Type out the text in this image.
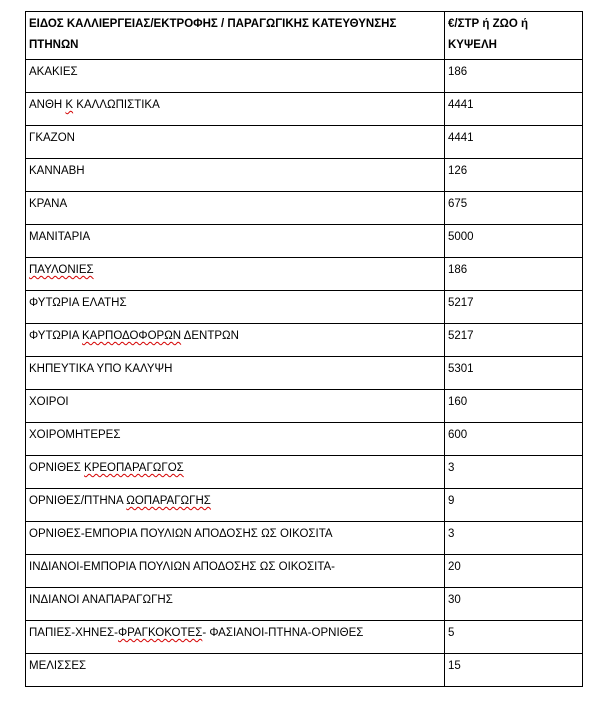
ΕΙΔΟΣ ΚΑΛΛΙΕΡΓΕΙΑΣ/ΕΚΤΡΟΦΗΣ / ΠΑΡΑΓΩΓΙΚΗΣ ΚΑΤΕΥΘΥΝΣΗΣ ΠΤΗΝΩΝ	€/ΣΤΡ ή ΖΩΟ ή ΚΥΨΕΛΗ
ΑΚΑΚΙΕΣ	186
ΑΝΘΗ Κ ΚΑΛΛΩΠΙΣΤΙΚΑ	4441
ΓΚΑΖΟΝ	4441
ΚΑΝΝΑΒΗ	126
ΚΡΑΝΑ	675
ΜΑΝΙΤΑΡΙΑ	5000
ΠΑΥΛΟΝΙΕΣ	186
ΦΥΤΩΡΙΑ ΕΛΑΤΗΣ	5217
ΦΥΤΩΡΙΑ ΚΑΡΠΟΔΟΦΟΡΩΝ ΔΕΝΤΡΩΝ	5217
ΚΗΠΕΥΤΙΚΑ ΥΠΟ ΚΑΛΥΨΗ	5301
ΧΟΙΡΟΙ	160
ΧΟΙΡΟΜΗΤΕΡΕΣ	600
ΟΡΝΙΘΕΣ ΚΡΕΟΠΑΡΑΓΩΓΟΣ	3
ΟΡΝΙΘΕΣ/ΠΤΗΝΑ ΩΟΠΑΡΑΓΩΓΗΣ	9
ΟΡΝΙΘΕΣ-ΕΜΠΟΡΙΑ ΠΟΥΛΙΩΝ ΑΠΟΔΟΣΗΣ ΩΣ ΟΙΚΟΣΙΤΑ	3
ΙΝΔΙΑΝΟΙ-ΕΜΠΟΡΙΑ ΠΟΥΛΙΩΝ ΑΠΟΔΟΣΗΣ ΩΣ ΟΙΚΟΣΙΤΑ-	20
ΙΝΔΙΑΝΟΙ ΑΝΑΠΑΡΑΓΩΓΗΣ	30
ΠΑΠΙΕΣ-ΧΗΝΕΣ-ΦΡΑΓΚΟΚΟΤΕΣ- ΦΑΣΙΑΝΟΙ-ΠΤΗΝΑ-ΟΡΝΙΘΕΣ	5
ΜΕΛΙΣΣΕΣ	15
